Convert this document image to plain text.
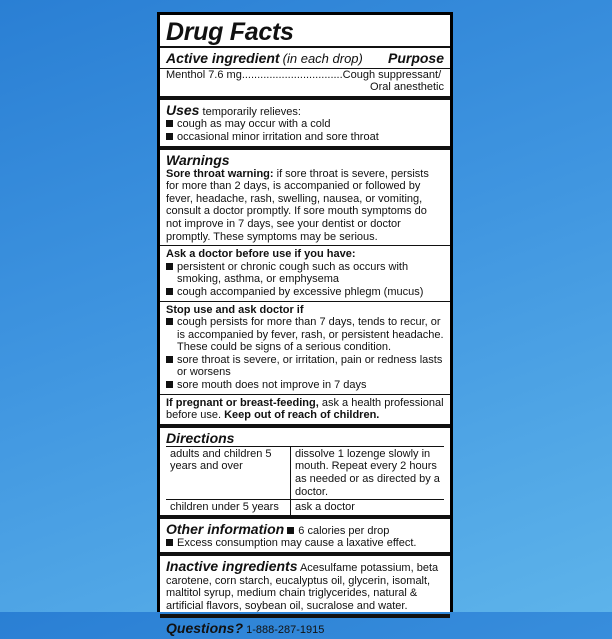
Drug Facts
Active ingredient (in each drop) Purpose
Menthol 7.6 mg.................................Cough suppressant/
Oral anesthetic
Uses temporarily relieves:
cough as may occur with a cold
occasional minor irritation and sore throat
Warnings
Sore throat warning: if sore throat is severe, persists for more than 2 days, is accompanied or followed by fever, headache, rash, swelling, nausea, or vomiting, consult a doctor promptly. If sore mouth symptoms do not improve in 7 days, see your dentist or doctor promptly. These symptoms may be serious.
Ask a doctor before use if you have:
persistent or chronic cough such as occurs with smoking, asthma, or emphysema
cough accompanied by excessive phlegm (mucus)
Stop use and ask doctor if
cough persists for more than 7 days, tends to recur, or is accompanied by fever, rash, or persistent headache. These could be signs of a serious condition.
sore throat is severe, or irritation, pain or redness lasts or worsens
sore mouth does not improve in 7 days
If pregnant or breast-feeding, ask a health professional before use. Keep out of reach of children.
Directions
adults and children 5 years and over	dissolve 1 lozenge slowly in mouth. Repeat every 2 hours as needed or as directed by a doctor.
children under 5 years	ask a doctor
Other information 6 calories per drop
Excess consumption may cause a laxative effect.
Inactive ingredients Acesulfame potassium, beta carotene, corn starch, eucalyptus oil, glycerin, isomalt, maltitol syrup, medium chain triglycerides, natural & artificial flavors, soybean oil, sucralose and water.
Questions? 1-888-287-1915
